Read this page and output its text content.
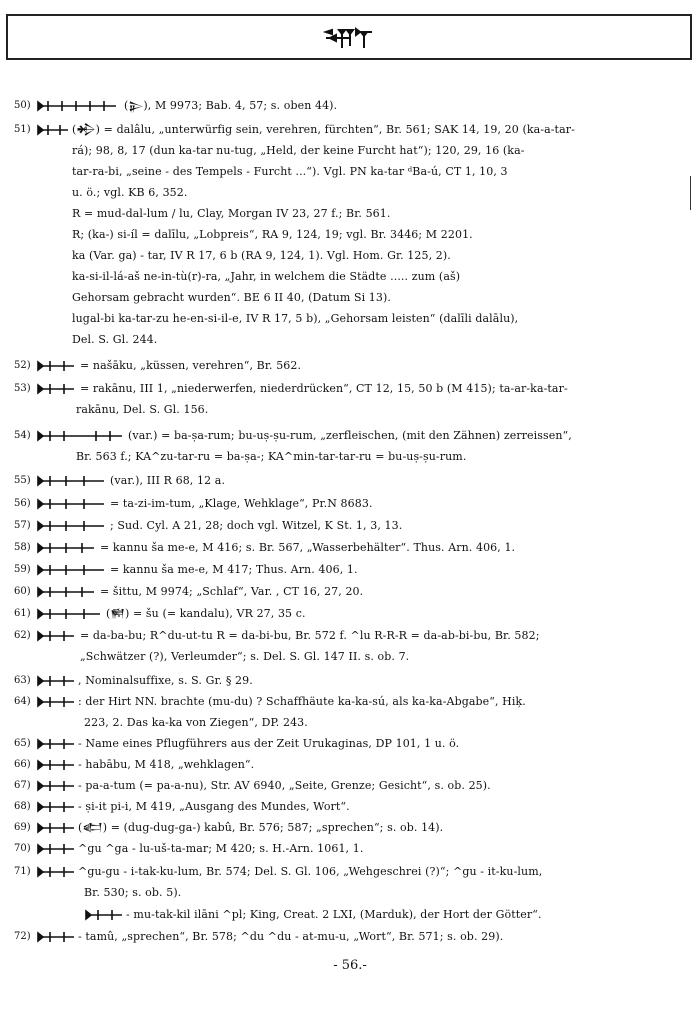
50)	(𒉌), M 9973; Bab. 4, 57; s. oben 44).
51)	(𒄈) = dalâlu, „unterwürfig sein, verehren, fürchten“, Br. 561; SAK 14, 19, 20 (ka-a-tar-
rá); 98, 8, 17 (dun ka-tar nu-tug, „Held, der keine Furcht hat“); 120, 29, 16 (ka-
tar-ra-bi, „seine - des Tempels - Furcht ...“). Vgl. PN ka-tar ᵈBa-ú, CT 1, 10, 3
u. ö.; vgl. KB 6, 352.
R = mud-dal-lum / lu, Clay, Morgan IV 23, 27 f.; Br. 561.
R; (ka-) si-íl = dalīlu, „Lobpreis“, RA 9, 124, 19; vgl. Br. 3446; M 2201.
ka (Var. ga) - tar, IV R 17, 6 b (RA 9, 124, 1). Vgl. Hom. Gr. 125, 2).
ka-si-il-lá-aš ne-in-tù(r)-ra, „Jahr, in welchem die Städte ..... zum (aš)
Gehorsam gebracht wurden“. BE 6 II 40, (Datum Si 13).
lugal-bi ka-tar-zu he-en-si-il-e, IV R 17, 5 b), „Gehorsam leisten“ (dalīli dalālu),
Del. S. Gl. 244.
52)	= našāku, „küssen, verehren“, Br. 562.
53)	= rakānu, III 1, „niederwerfen, niederdrücken“, CT 12, 15, 50 b (M 415); ta-ar-ka-tar-
rakānu, Del. S. Gl. 156.
54)	(var.) = ba-ṣa-rum; bu-uṣ-ṣu-rum, „zerfleischen, (mit den Zähnen) zerreissen“,
Br. 563 f.; KA^zu-tar-ru = ba-ṣa-; KA^min-tar-tar-ru = bu-uṣ-ṣu-rum.
55)	(var.), III R 68, 12 a.
56)	= ta-zi-im-tum, „Klage, Wehklage“, Pr.N 8683.
57)	; Sud. Cyl. A 21, 28; doch vgl. Witzel, K St. 1, 3, 13.
58)	= kannu ša me-e, M 416; s. Br. 567, „Wasserbehälter“. Thus. Arn. 406, 1.
59)	= kannu ša me-e, M 417; Thus. Arn. 406, 1.
60)	= šittu, M 9974; „Schlaf“, Var. , CT 16, 27, 20.
61)	(𒆍) = šu (= kandalu), VR 27, 35 c.
62)	= da-ba-bu; R^du-ut-tu R = da-bi-bu, Br. 572 f. ^lu R-R-R = da-ab-bi-bu, Br. 582;
„Schwätzer (?), Verleumder“; s. Del. S. Gl. 147 II. s. ob. 7.
63)	, Nominalsuffixe, s. S. Gr. § 29.
64)	: der Hirt NN. brachte (mu-du) ? Schaffhäute ka-ka-sú, als ka-ka-Abgabe“, Hiķ.
223, 2. Das ka-ka von Ziegen“, DP. 243.
65)	- Name eines Pflugführers aus der Zeit Urukaginas, DP 101, 1 u. ö.
66)	- habābu, M 418, „wehklagen“.
67)	- pa-a-tum (= pa-a-nu), Str. AV 6940, „Seite, Grenze; Gesicht“, s. ob. 25).
68)	- ṣi-it pi-i, M 419, „Ausgang des Mundes, Wort“.
69)	(𒅗) = (dug-dug-ga-) kabû, Br. 576; 587; „sprechen“; s. ob. 14).
70)	^gu ^ga - lu-uš-ta-mar; M 420; s. H.-Arn. 1061, 1.
71)	^gu-gu - i-tak-ku-lum, Br. 574; Del. S. Gl. 106, „Wehgeschrei (?)“; ^gu - it-ku-lum,
Br. 530; s. ob. 5).
- mu-tak-kil ilāni ^pl; King, Creat. 2 LXI, (Marduk), der Hort der Götter“.
72)	- tamû, „sprechen“, Br. 578; ^du ^du - at-mu-u, „Wort“, Br. 571; s. ob. 29).
- 56.-
